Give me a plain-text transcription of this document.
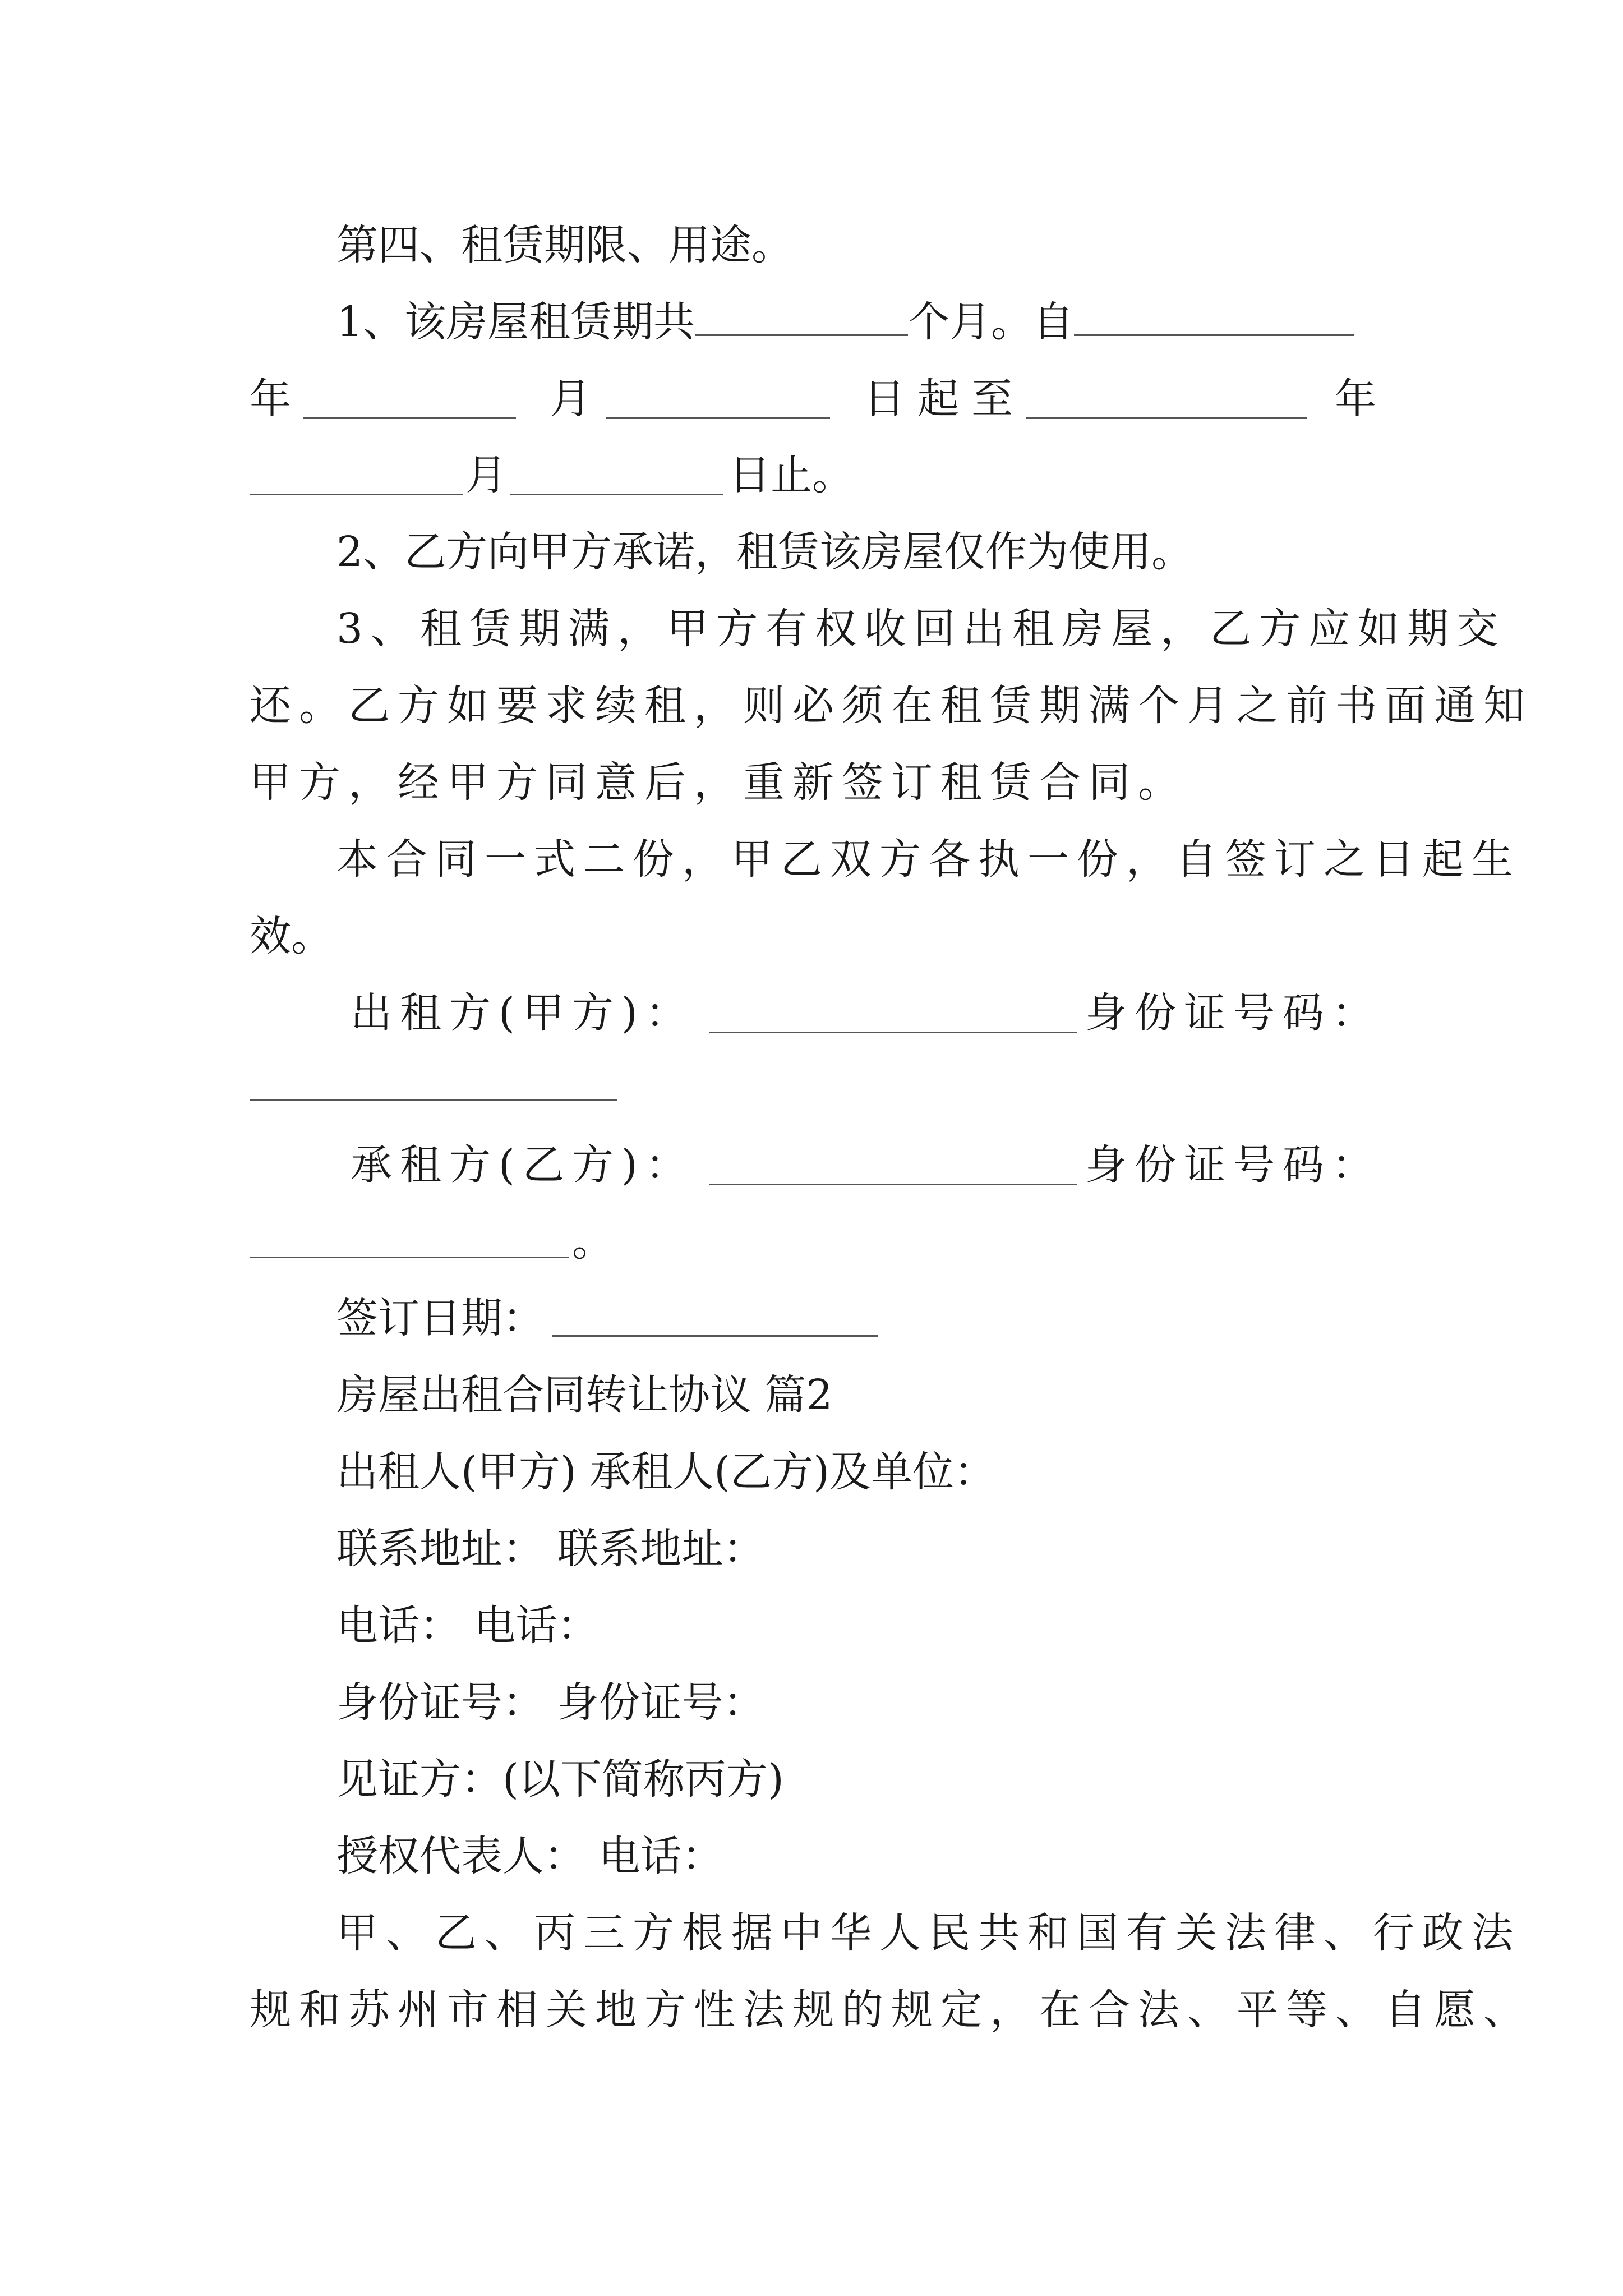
第四、租赁期限、用途。
1、该房屋租赁期共	个月。自
年	月	日起至	年
月	日止。
2、乙方向甲方承诺，租赁该房屋仅作为使用。
3、租赁期满，甲方有权收回出租房屋，乙方应如期交
还。乙方如要求续租，则必须在租赁期满个月之前书面通知
甲方，经甲方同意后，重新签订租赁合同。
本合同一式二份，甲乙双方各执一份，自签订之日起生
效。
出租方(甲方)：	身份证号码：
承租方(乙方)：	身份证号码：
。
签订日期：
房屋出租合同转让协议 篇2
出租人(甲方) 承租人(乙方)及单位：
联系地址： 联系地址：
电话： 电话：
身份证号： 身份证号：
见证方：(以下简称丙方)
授权代表人： 电话：
甲、乙、丙三方根据中华人民共和国有关法律、行政法
规和苏州市相关地方性法规的规定，在合法、平等、自愿、
